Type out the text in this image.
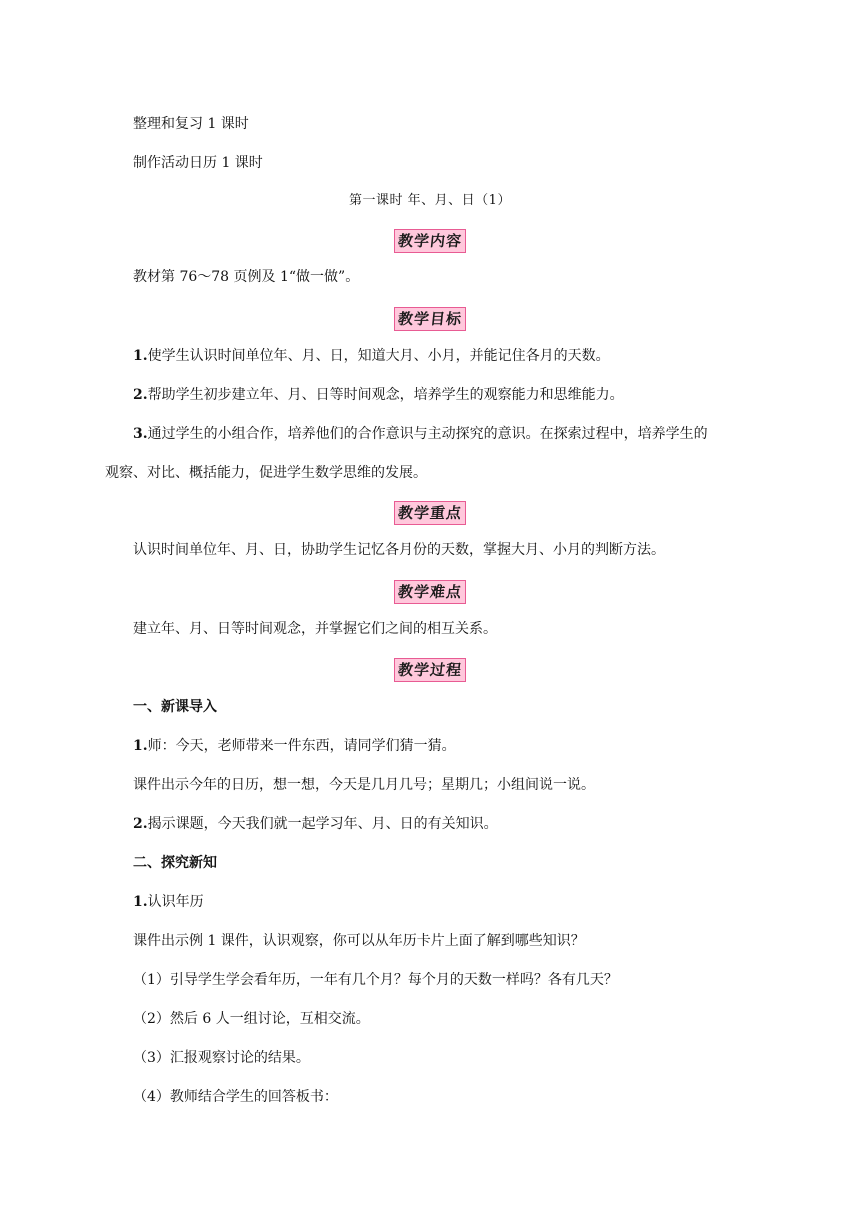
整理和复习 1 课时
制作活动日历 1 课时
第一课时 年、月、日（1）
教学内容
教材第 76～78 页例及 1“做一做”。
教学目标
1.使学生认识时间单位年、月、日，知道大月、小月，并能记住各月的天数。
2.帮助学生初步建立年、月、日等时间观念，培养学生的观察能力和思维能力。
3.通过学生的小组合作，培养他们的合作意识与主动探究的意识。在探索过程中，培养学生的
观察、对比、概括能力，促进学生数学思维的发展。
教学重点
认识时间单位年、月、日，协助学生记忆各月份的天数，掌握大月、小月的判断方法。
教学难点
建立年、月、日等时间观念，并掌握它们之间的相互关系。
教学过程
一、新课导入
1.师：今天，老师带来一件东西，请同学们猜一猜。
课件出示今年的日历，想一想，今天是几月几号；星期几；小组间说一说。
2.揭示课题，今天我们就一起学习年、月、日的有关知识。
二、探究新知
1.认识年历
课件出示例 1 课件，认识观察，你可以从年历卡片上面了解到哪些知识？
（1）引导学生学会看年历，一年有几个月？每个月的天数一样吗？各有几天？
（2）然后 6 人一组讨论，互相交流。
（3）汇报观察讨论的结果。
（4）教师结合学生的回答板书：
